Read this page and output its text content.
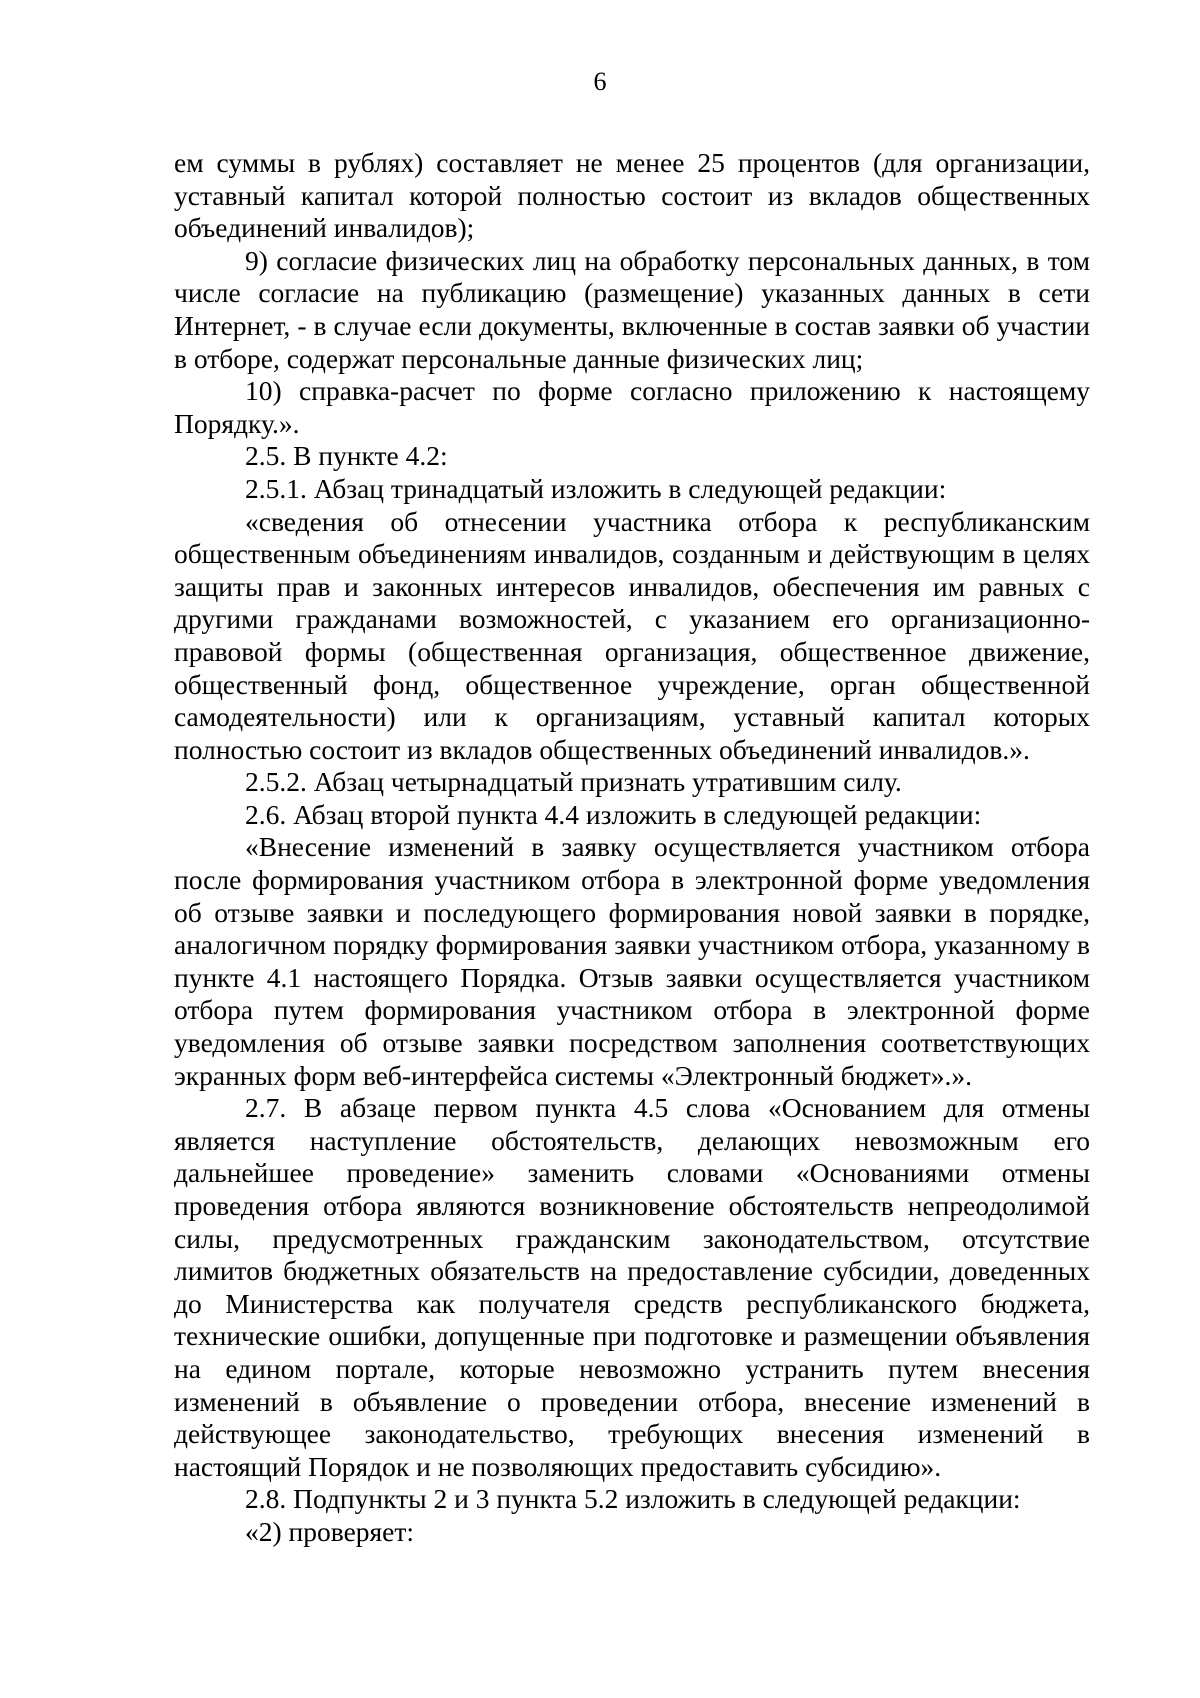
6

ем суммы в рублях) составляет не менее 25 процентов (для организации, уставный капитал которой полностью состоит из вкладов общественных объединений инвалидов);

9) согласие физических лиц на обработку персональных данных, в том числе согласие на публикацию (размещение) указанных данных в сети Интернет, - в случае если документы, включенные в состав заявки об участии в отборе, содержат персональные данные физических лиц;

10) справка-расчет по форме согласно приложению к настоящему Порядку.».

2.5. В пункте 4.2:

2.5.1. Абзац тринадцатый изложить в следующей редакции:

«сведения об отнесении участника отбора к республиканским общественным объединениям инвалидов, созданным и действующим в целях защиты прав и законных интересов инвалидов, обеспечения им равных с другими гражданами возможностей, с указанием его организационно-правовой формы (общественная организация, общественное движение, общественный фонд, общественное учреждение, орган общественной самодеятельности) или к организациям, уставный капитал которых полностью состоит из вкладов общественных объединений инвалидов.».

2.5.2. Абзац четырнадцатый признать утратившим силу.

2.6. Абзац второй пункта 4.4 изложить в следующей редакции:

«Внесение изменений в заявку осуществляется участником отбора после формирования участником отбора в электронной форме уведомления об отзыве заявки и последующего формирования новой заявки в порядке, аналогичном порядку формирования заявки участником отбора, указанному в пункте 4.1 настоящего Порядка. Отзыв заявки осуществляется участником отбора путем формирования участником отбора в электронной форме уведомления об отзыве заявки посредством заполнения соответствующих экранных форм веб-интерфейса системы «Электронный бюджет».».

2.7. В абзаце первом пункта 4.5 слова «Основанием для отмены является наступление обстоятельств, делающих невозможным его дальнейшее проведение» заменить словами «Основаниями отмены проведения отбора являются возникновение обстоятельств непреодолимой силы, предусмотренных гражданским законодательством, отсутствие лимитов бюджетных обязательств на предоставление субсидии, доведенных до Министерства как получателя средств республиканского бюджета, технические ошибки, допущенные при подготовке и размещении объявления на едином портале, которые невозможно устранить путем внесения изменений в объявление о проведении отбора, внесение изменений в действующее законодательство, требующих внесения изменений в настоящий Порядок и не позволяющих предоставить субсидию».

2.8. Подпункты 2 и 3 пункта 5.2 изложить в следующей редакции:

«2) проверяет:
